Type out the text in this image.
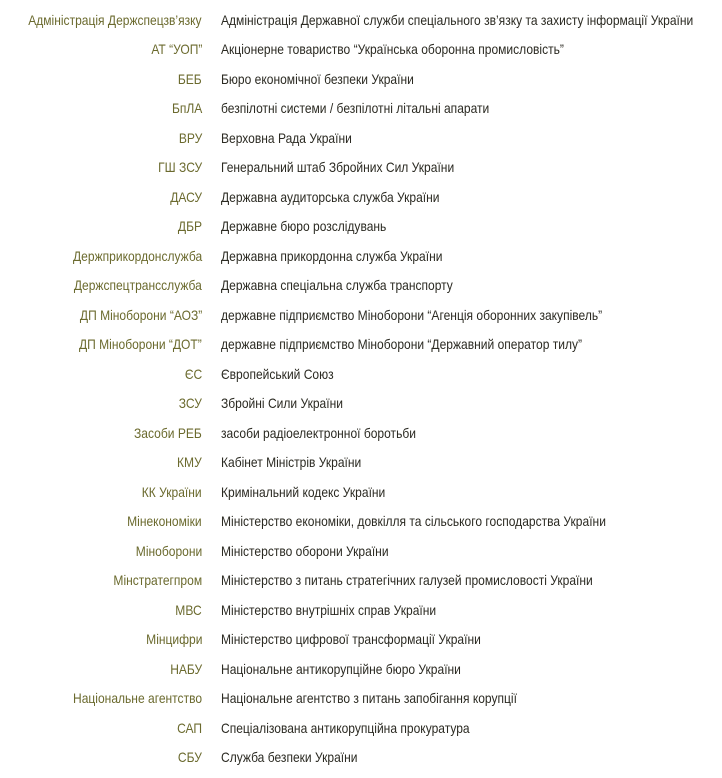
Адміністрація Держспецзв’язку	Адміністрація Державної служби спеціального зв’язку та захисту інформації України
АТ “УОП”	Акціонерне товариство “Українська оборонна промисловість”
БЕБ	Бюро економічної безпеки України
БпЛА	безпілотні системи / безпілотні літальні апарати
ВРУ	Верховна Рада України
ГШ ЗСУ	Генеральний штаб Збройних Сил України
ДАСУ	Державна аудиторська служба України
ДБР	Державне бюро розслідувань
Держприкордонслужба	Державна прикордонна служба України
Держспецтрансслужба	Державна спеціальна служба транспорту
ДП Міноборони “АОЗ”	державне підприємство Міноборони “Агенція оборонних закупівель”
ДП Міноборони “ДОТ”	державне підприємство Міноборони “Державний оператор тилу”
ЄС	Європейський Союз
ЗСУ	Збройні Сили України
Засоби РЕБ	засоби радіоелектронної боротьби
КМУ	Кабінет Міністрів України
КК України	Кримінальний кодекс України
Мінекономіки	Міністерство економіки, довкілля та сільського господарства України
Міноборони	Міністерство оборони України
Мінстратегпром	Міністерство з питань стратегічних галузей промисловості України
МВС	Міністерство внутрішніх справ України
Мінцифри	Міністерство цифрової трансформації України
НАБУ	Національне антикорупційне бюро України
Національне агентство	Національне агентство з питань запобігання корупції
САП	Спеціалізована антикорупційна прокуратура
СБУ	Служба безпеки України
